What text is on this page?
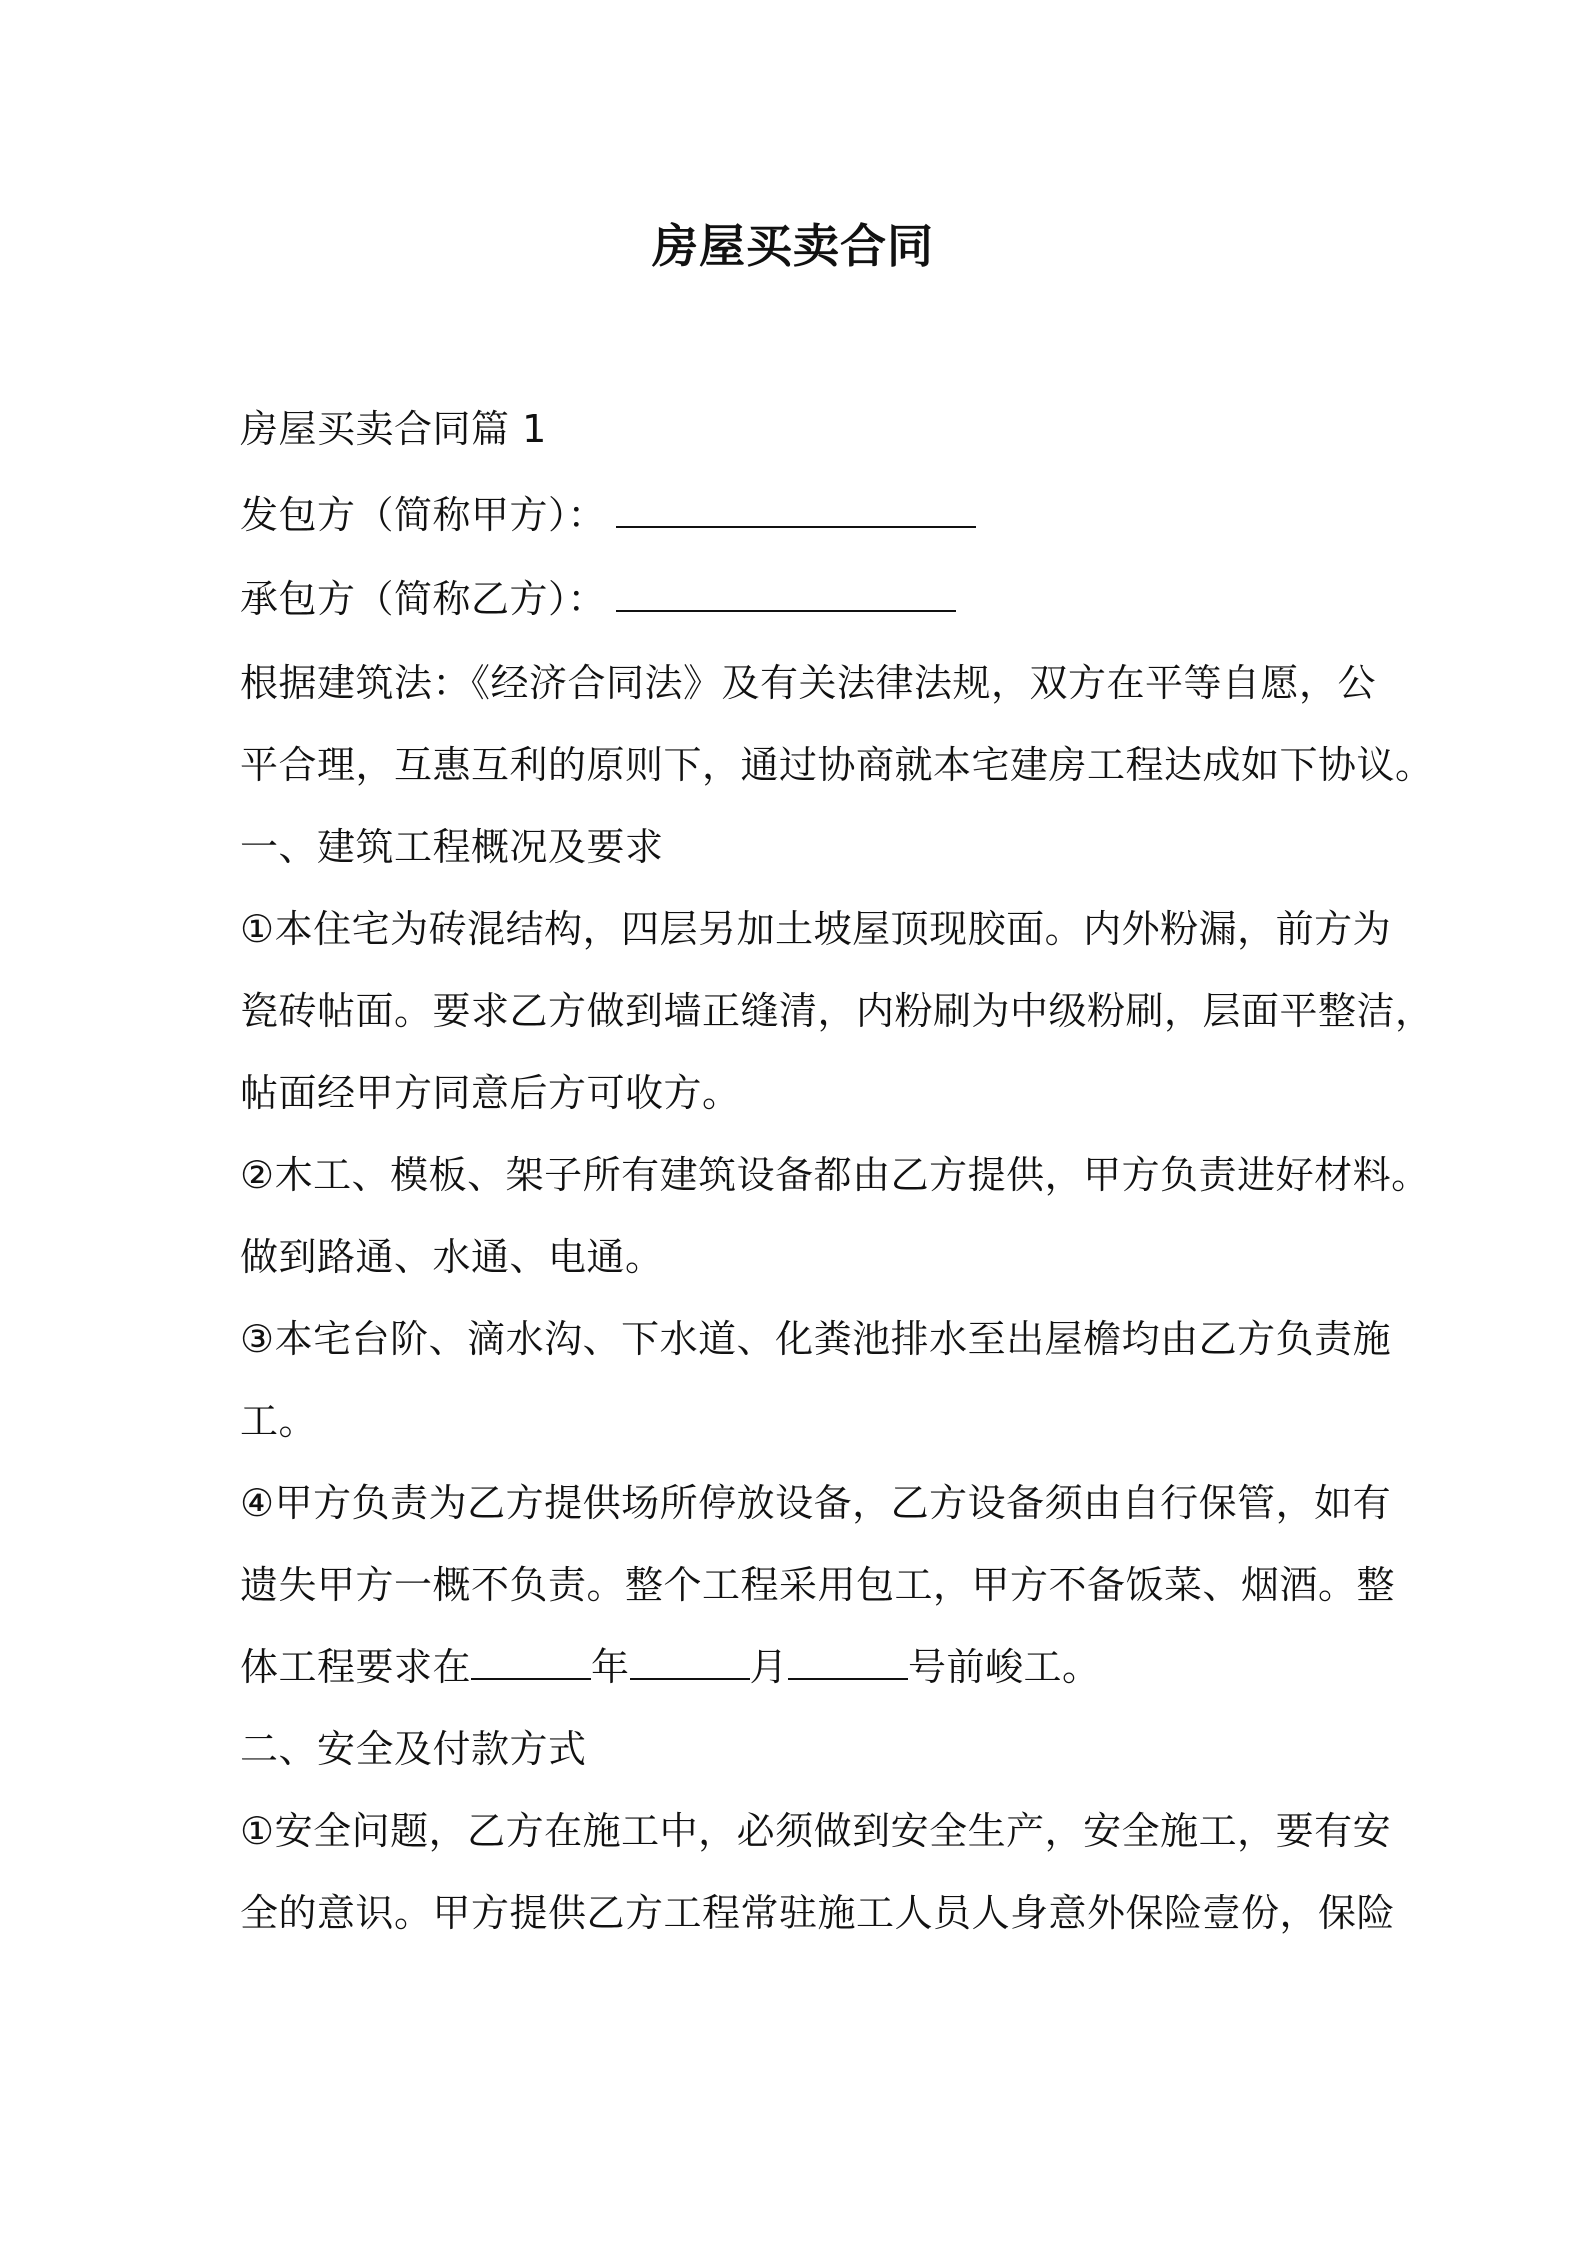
房屋买卖合同
房屋买卖合同篇 1
发包方（简称甲方）：
承包方（简称乙方）：
根据建筑法：《经济合同法》及有关法律法规，双方在平等自愿，公
平合理，互惠互利的原则下，通过协商就本宅建房工程达成如下协议。
一、建筑工程概况及要求
①本住宅为砖混结构，四层另加土坡屋顶现胶面。内外粉漏，前方为
瓷砖帖面。要求乙方做到墙正缝清，内粉刷为中级粉刷，层面平整洁，
帖面经甲方同意后方可收方。
②木工、模板、架子所有建筑设备都由乙方提供，甲方负责进好材料。
做到路通、水通、电通。
③本宅台阶、滴水沟、下水道、化粪池排水至出屋檐均由乙方负责施
工。
④甲方负责为乙方提供场所停放设备，乙方设备须由自行保管，如有
遗失甲方一概不负责。整个工程采用包工，甲方不备饭菜、烟酒。整
体工程要求在	年	月	号前峻工。
二、安全及付款方式
①安全问题，乙方在施工中，必须做到安全生产，安全施工，要有安
全的意识。甲方提供乙方工程常驻施工人员人身意外保险壹份，保险
